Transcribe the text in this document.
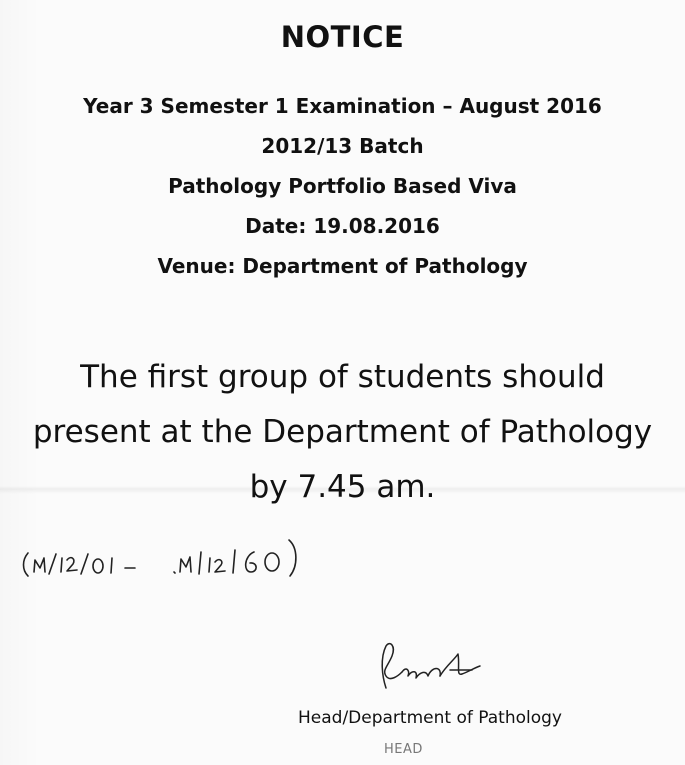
NOTICE
Year 3 Semester 1 Examination – August 2016
2012/13 Batch
Pathology Portfolio Based Viva
Date: 19.08.2016
Venue: Department of Pathology
The first group of students should
present at the Department of Pathology
by 7.45 am.
Head/Department of Pathology
HEAD
